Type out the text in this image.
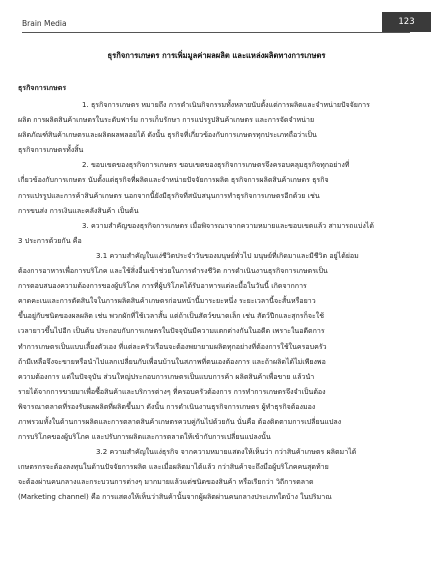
Brain Media	123
ธุรกิจการเกษตร การเพิ่มมูลค่าผลผลิต และแหล่งผลิตทางการเกษตร
ธุรกิจการเกษตร
1. ธุรกิจการเกษตร หมายถึง การดำเนินกิจกรรมทั้งหลายนับตั้งแต่การผลิตและจำหน่ายปัจจัยการ
ผลิต การผลิตสินค้าเกษตรในระดับฟาร์ม การเก็บรักษา การแปรรูปสินค้าเกษตร และการจัดจำหน่าย
ผลิตภัณฑ์สินค้าเกษตรและผลิตผลพลอยได้ ดังนั้น ธุรกิจที่เกี่ยวข้องกับการเกษตรทุกประเภทถือว่าเป็น
ธุรกิจการเกษตรทั้งสิ้น
2. ขอบเขตของธุรกิจการเกษตร ขอบเขตของธุรกิจการเกษตรจึงครอบคลุมธุรกิจทุกอย่างที่
เกี่ยวข้องกับการเกษตร นับตั้งแต่ธุรกิจที่ผลิตและจำหน่ายปัจจัยการผลิต ธุรกิจการผลิตสินค้าเกษตร ธุรกิจ
การแปรรูปและการค้าสินค้าเกษตร นอกจากนี้ยังมีธุรกิจที่สนับสนุนการทำธุรกิจการเกษตรอีกด้วย เช่น
การขนส่ง การเงินและคลังสินค้า เป็นต้น
3. ความสำคัญของธุรกิจการเกษตร เมื่อพิจารณาจากความหมายและขอบเขตแล้ว สามารถแบ่งได้
3 ประการด้วยกัน คือ
3.1 ความสำคัญในแง่ชีวิตประจำวันของมนุษย์ทั่วไป มนุษย์ที่เกิดมาและมีชีวิต อยู่ได้ย่อม
ต้องการอาหารเพื่อการบริโภค และใช้สิ่งอื่นเข้าช่วยในการดำรงชีวิต การดำเนินงานธุรกิจการเกษตรเป็น
การตอบสนองความต้องการของผู้บริโภค การที่ผู้บริโภคได้รับอาหารแต่ละมื้อในวันนี้ เกิดจากการ
คาดคะเนและการตัดสินใจในการผลิตสินค้าเกษตรก่อนหน้านี้มาระยะหนึ่ง ระยะเวลานี้จะสั้นหรือยาว
ขึ้นอยู่กับชนิดของผลผลิต เช่น พวกผักที่ใช้เวลาสั้น แต่ถ้าเป็นสัตว์ขนาดเล็ก เช่น สัตว์ปีกและสุกรก็จะใช้
เวลายาวขึ้นไปอีก เป็นต้น ประกอบกับการเกษตรในปัจจุบันมีความแตกต่างกันในอดีต เพราะในอดีตการ
ทำการเกษตรเป็นแบบเลี้ยงตัวเอง ที่แต่ละครัวเรือนจะต้องพยายามผลิตทุกอย่างที่ต้องการใช้ในครอบครัว
ถ้ามีเหลือจึงจะขายหรือนำไปแลกเปลี่ยนกับเพื่อนบ้านในสภาพที่ตนเองต้องการ และถ้าผลิตได้ไม่เพียงพอ
ความต้องการ แต่ในปัจจุบัน ส่วนใหญ่ประกอบการเกษตรเป็นแบบการค้า ผลิตสินค้าเพื่อขาย แล้วนำ
รายได้จากการขายมาเพื่อซื้อสินค้าและบริการต่างๆ ที่ครอบครัวต้องการ การทำการเกษตรจึงจำเป็นต้อง
พิจารณาตลาดที่รองรับผลผลิตที่ผลิตขึ้นมา ดังนั้น การดำเนินงานธุรกิจการเกษตร ผู้ทำธุรกิจต้องมอง
ภาพรวมทั้งในด้านการผลิตและการตลาดสินค้าเกษตรควบคู่กันไปด้วยกัน นั่นคือ ต้องติดตามการเปลี่ยนแปลง
การบริโภคของผู้บริโภค และปรับการผลิตและการตลาดให้เข้ากับการเปลี่ยนแปลงนั้น
3.2 ความสำคัญในแง่ธุรกิจ จากความหมายแสดงให้เห็นว่า กว่าสินค้าเกษตร ผลิตมาได้
เกษตรกรจะต้องลงทุนในด้านปัจจัยการผลิต และเมื่อผลิตมาได้แล้ว กว่าสินค้าจะถึงมือผู้บริโภคคนสุดท้าย
จะต้องผ่านคนกลางและกระบวนการต่างๆ มากมายแล้วแต่ชนิดของสินค้า หรือเรียกว่า วิถีการตลาด
(Marketing channel) คือ การแสดงให้เห็นว่าสินค้านั้นจากผู้ผลิตผ่านคนกลางประเภทใดบ้าง ในปริมาณ
